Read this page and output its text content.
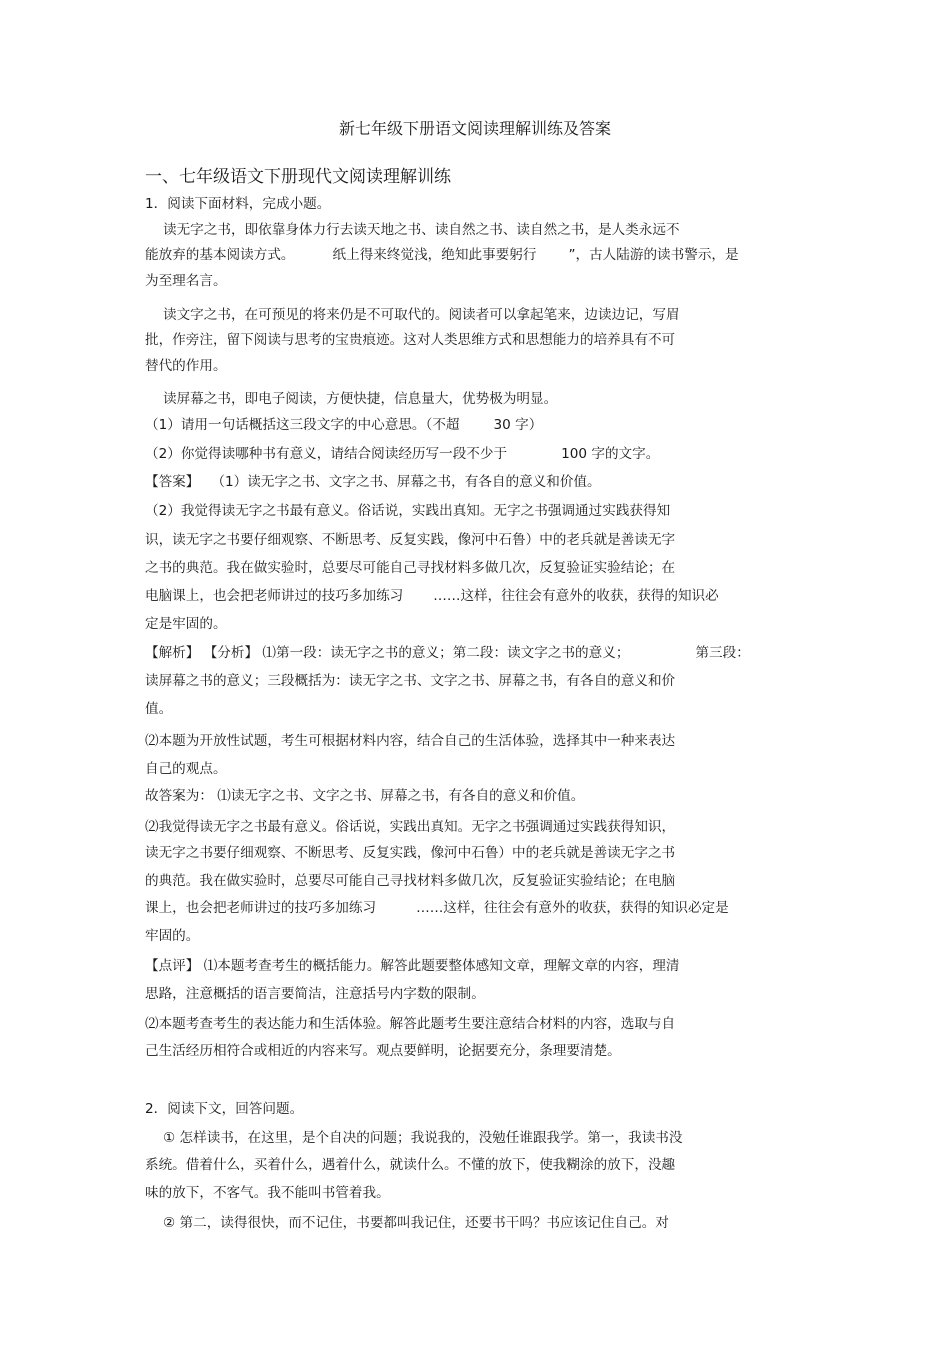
新七年级下册语文阅读理解训练及答案
一、七年级语文下册现代文阅读理解训练
1．阅读下面材料，完成小题。
读无字之书，即依靠身体力行去读天地之书、读自然之书、读自然之书，是人类永远不
能放弃的基本阅读方式。	纸上得来终觉浅，绝知此事要躬行 ”，古人陆游的读书警示，是
为至理名言。
读文字之书，在可预见的将来仍是不可取代的。阅读者可以拿起笔来，边读边记，写眉
批，作旁注，留下阅读与思考的宝贵痕迹。这对人类思维方式和思想能力的培养具有不可
替代的作用。
读屏幕之书，即电子阅读，方便快捷，信息量大，优势极为明显。
（1）请用一句话概括这三段文字的中心意思。（不超	30 字）
（2）你觉得读哪种书有意义，请结合阅读经历写一段不少于	100 字的文字。
【答案】 （1）读无字之书、文字之书、屏幕之书，有各自的意义和价值。
（2）我觉得读无字之书最有意义。俗话说，实践出真知。无字之书强调通过实践获得知
识，读无字之书要仔细观察、不断思考、反复实践，像河中石鲁）中的老兵就是善读无字
之书的典范。我在做实验时，总要尽可能自己寻找材料多做几次，反复验证实验结论；在
电脑课上，也会把老师讲过的技巧多加练习 ……这样，往往会有意外的收获，获得的知识必
定是牢固的。
【解析】 【分析】 ⑴第一段：读无字之书的意义；第二段：读文字之书的意义；	第三段：
读屏幕之书的意义；三段概括为：读无字之书、文字之书、屏幕之书，有各自的意义和价
值。
⑵本题为开放性试题，考生可根据材料内容，结合自己的生活体验，选择其中一种来表达
自己的观点。
故答案为： ⑴读无字之书、文字之书、屏幕之书，有各自的意义和价值。
⑵我觉得读无字之书最有意义。俗话说，实践出真知。无字之书强调通过实践获得知识，
读无字之书要仔细观察、不断思考、反复实践，像河中石鲁）中的老兵就是善读无字之书
的典范。我在做实验时，总要尽可能自己寻找材料多做几次，反复验证实验结论；在电脑
课上，也会把老师讲过的技巧多加练习	……这样，往往会有意外的收获，获得的知识必定是
牢固的。
【点评】 ⑴本题考查考生的概括能力。解答此题要整体感知文章，理解文章的内容，理清
思路，注意概括的语言要简洁，注意括号内字数的限制。
⑵本题考查考生的表达能力和生活体验。解答此题考生要注意结合材料的内容，选取与自
己生活经历相符合或相近的内容来写。观点要鲜明，论据要充分，条理要清楚。
2．阅读下文，回答问题。
① 怎样读书，在这里，是个自决的问题；我说我的，没勉任谁跟我学。第一，我读书没
系统。借着什么，买着什么，遇着什么，就读什么。不懂的放下，使我糊涂的放下，没趣
味的放下，不客气。我不能叫书管着我。
② 第二，读得很快，而不记住，书要都叫我记住，还要书干吗？书应该记住自己。对
